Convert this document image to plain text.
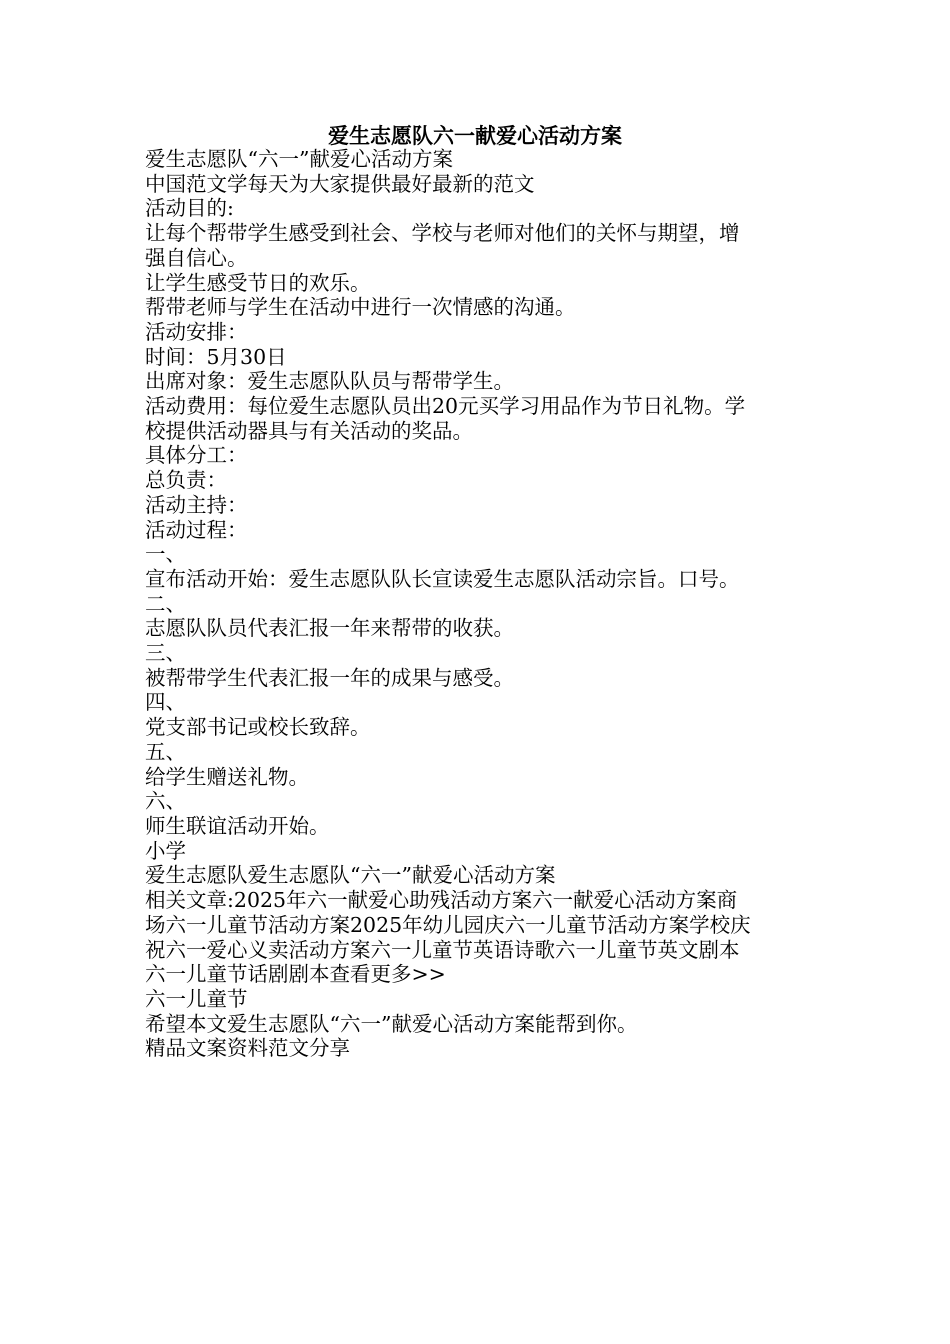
爱生志愿队六一献爱心活动方案

爱生志愿队“六一”献爱心活动方案

中国范文学每天为大家提供最好最新的范文

活动目的:

让每个帮带学生感受到社会、学校与老师对他们的关怀与期望，增

强自信心。

让学生感受节日的欢乐。

帮带老师与学生在活动中进行一次情感的沟通。

活动安排：

时间：5月30日

出席对象：爱生志愿队队员与帮带学生。

活动费用：每位爱生志愿队员出20元买学习用品作为节日礼物。学

校提供活动器具与有关活动的奖品。

具体分工：

总负责：

活动主持：

活动过程：

一、

宣布活动开始：爱生志愿队队长宣读爱生志愿队活动宗旨。口号。

二、

志愿队队员代表汇报一年来帮带的收获。

三、

被帮带学生代表汇报一年的成果与感受。

四、

党支部书记或校长致辞。

五、

给学生赠送礼物。

六、

师生联谊活动开始。

小学

爱生志愿队爱生志愿队“六一”献爱心活动方案

相关文章:2025年六一献爱心助残活动方案六一献爱心活动方案商

场六一儿童节活动方案2025年幼儿园庆六一儿童节活动方案学校庆

祝六一爱心义卖活动方案六一儿童节英语诗歌六一儿童节英文剧本

六一儿童节话剧剧本查看更多>>

六一儿童节

希望本文爱生志愿队“六一”献爱心活动方案能帮到你。

精品文案资料范文分享
